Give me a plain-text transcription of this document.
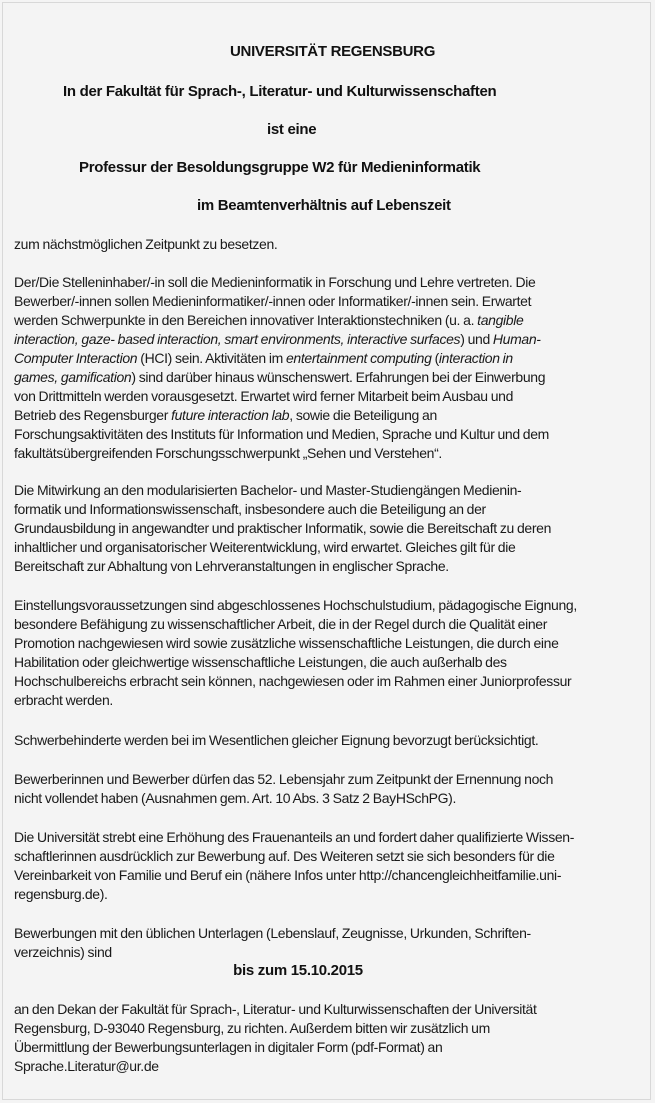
UNIVERSITÄT REGENSBURG
In der Fakultät für Sprach-, Literatur- und Kulturwissenschaften
ist eine
Professur der Besoldungsgruppe W2 für Medieninformatik
im Beamtenverhältnis auf Lebenszeit
zum nächstmöglichen Zeitpunkt zu besetzen.
Der/Die Stelleninhaber/-in soll die Medieninformatik in Forschung und Lehre vertreten. Die
Bewerber/-innen sollen Medieninformatiker/-innen oder Informatiker/-innen sein. Erwartet
werden Schwerpunkte in den Bereichen innovativer Interaktionstechniken (u. a. tangible
interaction, gaze- based interaction, smart environments, interactive surfaces) und Human-
Computer Interaction (HCI) sein. Aktivitäten im entertainment computing (interaction in
games, gamification) sind darüber hinaus wünschenswert. Erfahrungen bei der Einwerbung
von Drittmitteln werden vorausgesetzt. Erwartet wird ferner Mitarbeit beim Ausbau und
Betrieb des Regensburger future interaction lab, sowie die Beteiligung an
Forschungsaktivitäten des Instituts für Information und Medien, Sprache und Kultur und dem
fakultätsübergreifenden Forschungsschwerpunkt „Sehen und Verstehen“.
Die Mitwirkung an den modularisierten Bachelor- und Master-Studiengängen Medienin-
formatik und Informationswissenschaft, insbesondere auch die Beteiligung an der
Grundausbildung in angewandter und praktischer Informatik, sowie die Bereitschaft zu deren
inhaltlicher und organisatorischer Weiterentwicklung, wird erwartet. Gleiches gilt für die
Bereitschaft zur Abhaltung von Lehrveranstaltungen in englischer Sprache.
Einstellungsvoraussetzungen sind abgeschlossenes Hochschulstudium, pädagogische Eignung,
besondere Befähigung zu wissenschaftlicher Arbeit, die in der Regel durch die Qualität einer
Promotion nachgewiesen wird sowie zusätzliche wissenschaftliche Leistungen, die durch eine
Habilitation oder gleichwertige wissenschaftliche Leistungen, die auch außerhalb des
Hochschulbereichs erbracht sein können, nachgewiesen oder im Rahmen einer Juniorprofessur
erbracht werden.
Schwerbehinderte werden bei im Wesentlichen gleicher Eignung bevorzugt berücksichtigt.
Bewerberinnen und Bewerber dürfen das 52. Lebensjahr zum Zeitpunkt der Ernennung noch
nicht vollendet haben (Ausnahmen gem. Art. 10 Abs. 3 Satz 2 BayHSchPG).
Die Universität strebt eine Erhöhung des Frauenanteils an und fordert daher qualifizierte Wissen-
schaftlerinnen ausdrücklich zur Bewerbung auf. Des Weiteren setzt sie sich besonders für die
Vereinbarkeit von Familie und Beruf ein (nähere Infos unter http://chancengleichheitfamilie.uni-
regensburg.de).
Bewerbungen mit den üblichen Unterlagen (Lebenslauf, Zeugnisse, Urkunden, Schriften-
verzeichnis) sind
bis zum 15.10.2015
an den Dekan der Fakultät für Sprach-, Literatur- und Kulturwissenschaften der Universität
Regensburg, D-93040 Regensburg, zu richten. Außerdem bitten wir zusätzlich um
Übermittlung der Bewerbungsunterlagen in digitaler Form (pdf-Format) an
Sprache.Literatur@ur.de
